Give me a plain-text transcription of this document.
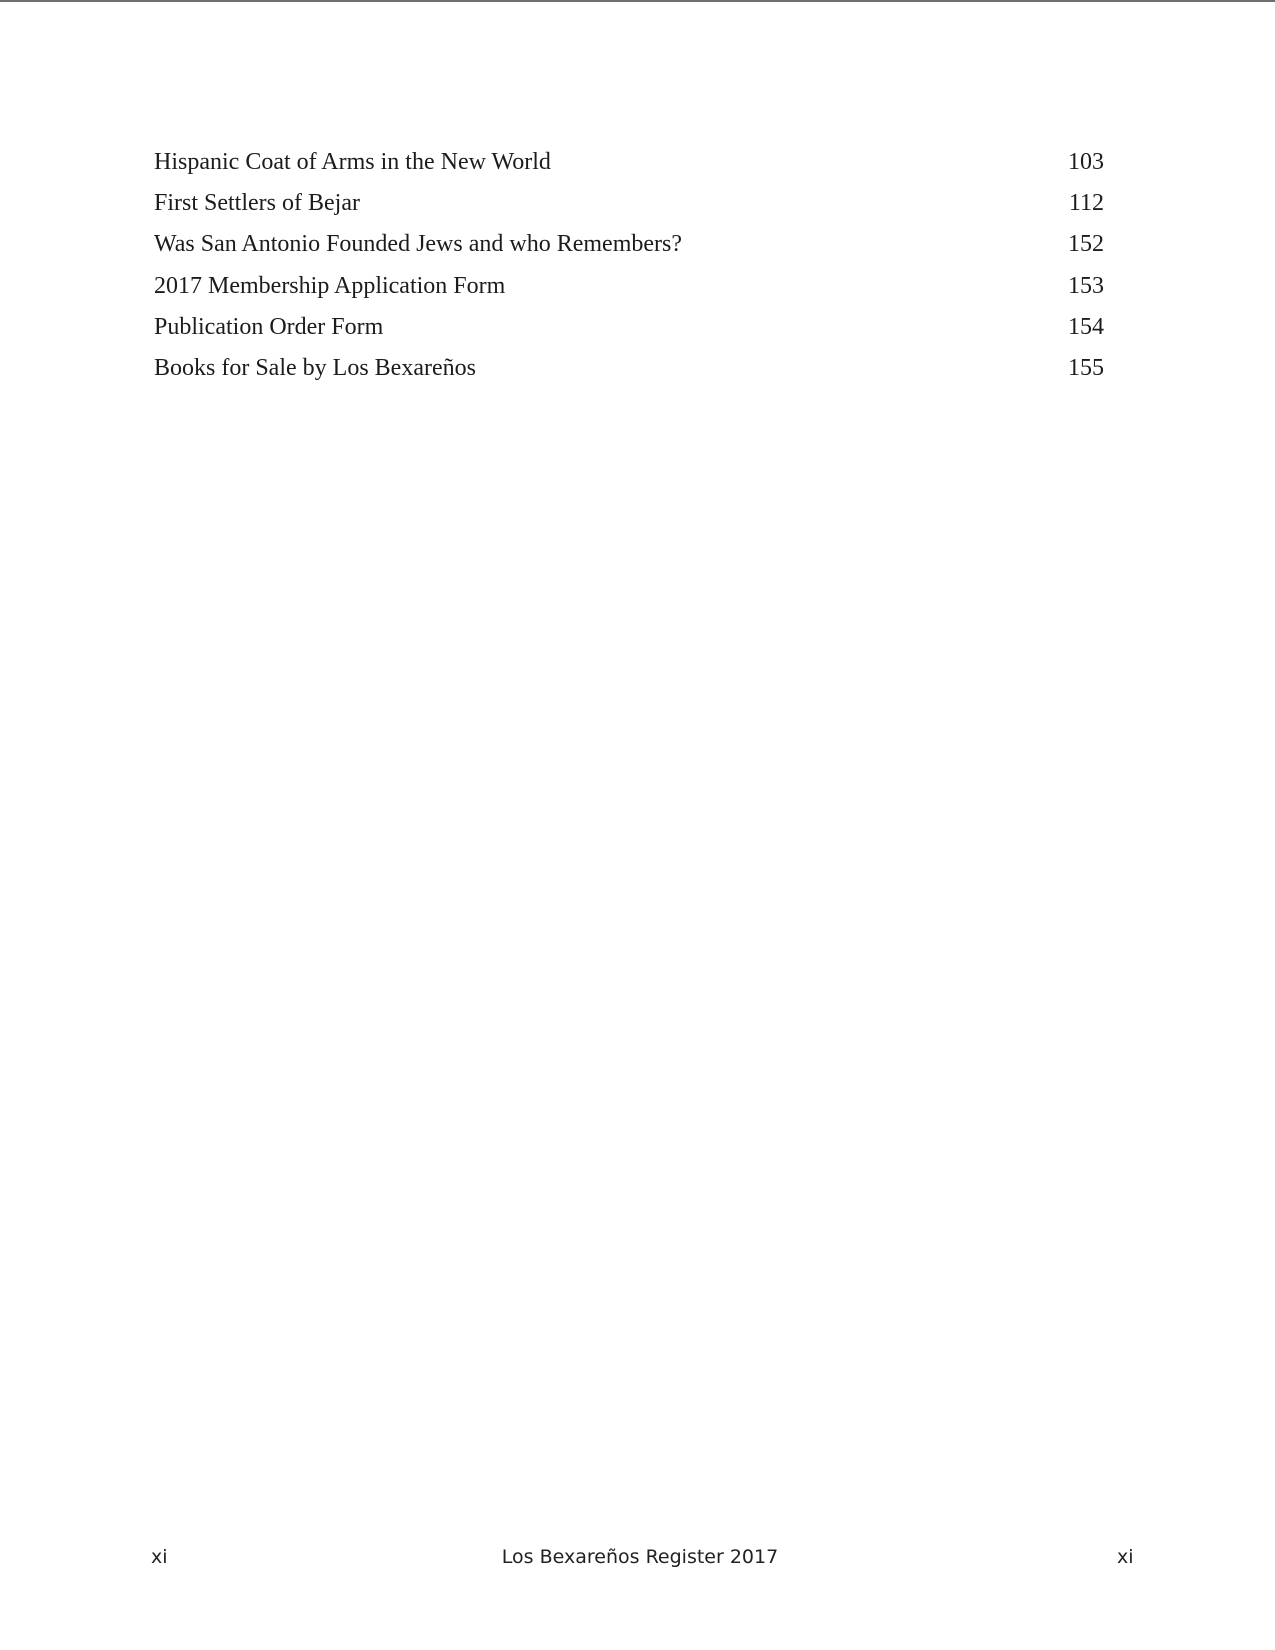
Hispanic Coat of Arms in the New World	103
First Settlers of Bejar	112
Was San Antonio Founded Jews and who Remembers?	152
2017 Membership Application Form	153
Publication Order Form	154
Books for Sale by Los Bexareños	155
xi	Los Bexareños Register 2017	xi
